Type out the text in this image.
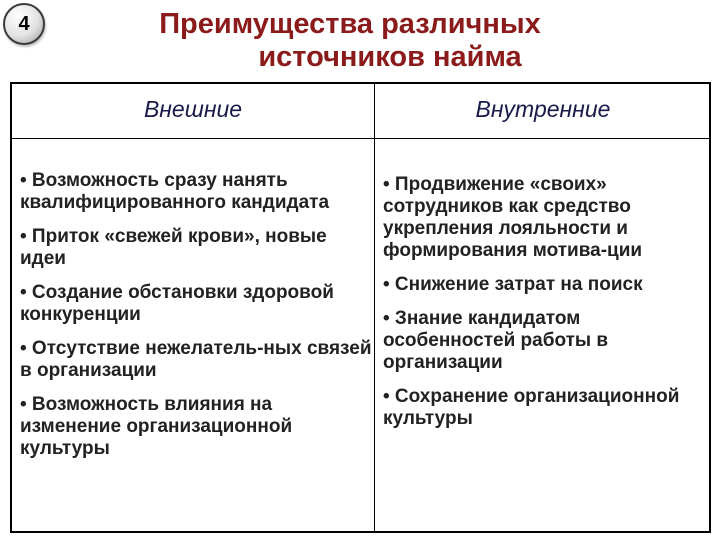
4	Преимущества различных
источников найма
Внешние	Внутренние
• Возможность сразу нанять квалифицированного кандидата
• Приток «свежей крови», новые идеи
• Создание обстановки здоровой конкуренции
• Отсутствие нежелатель-ных связей в организации
• Возможность влияния на изменение организационной культуры
• Продвижение «своих» сотрудников как средство укрепления лояльности и формирования мотива-ции
• Снижение затрат на поиск
• Знание кандидатом особенностей работы в организации
• Сохранение организационной культуры
